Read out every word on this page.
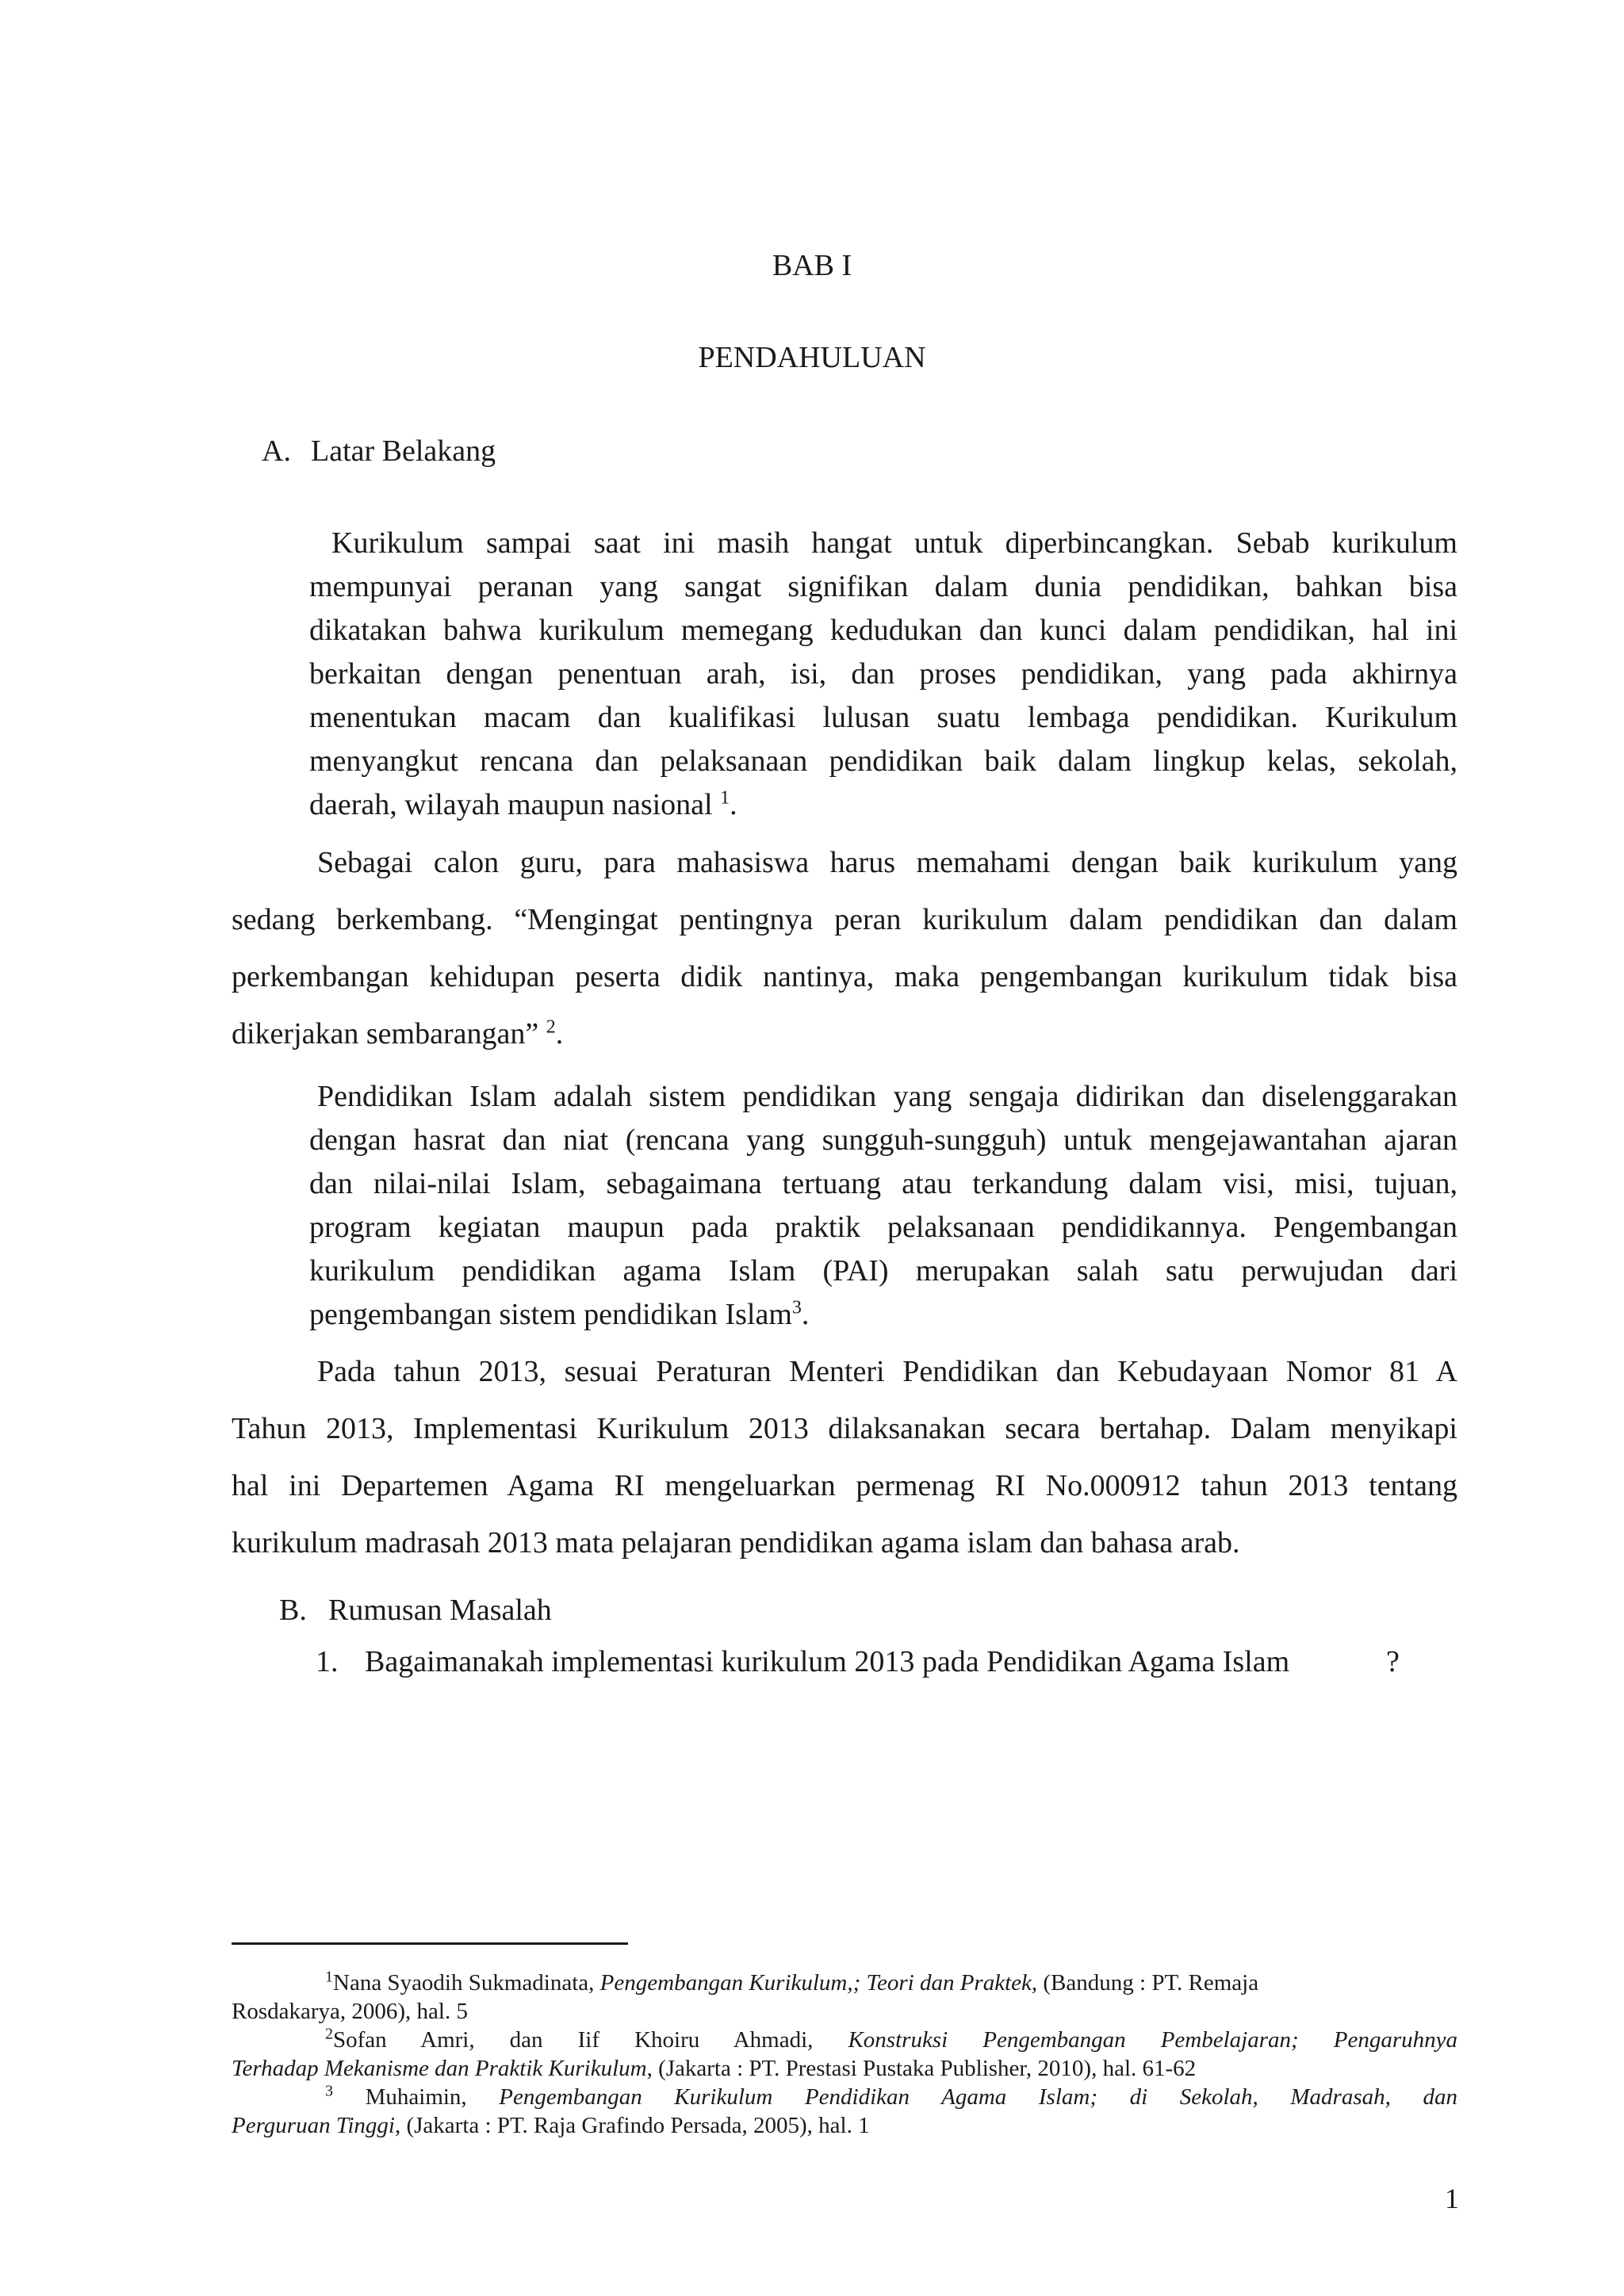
BAB I
PENDAHULUAN
A. Latar Belakang
Kurikulum sampai saat ini masih hangat untuk diperbincangkan. Sebab kurikulum
mempunyai peranan yang sangat signifikan dalam dunia pendidikan, bahkan bisa
dikatakan bahwa kurikulum memegang kedudukan dan kunci dalam pendidikan, hal ini
berkaitan dengan penentuan arah, isi, dan proses pendidikan, yang pada akhirnya
menentukan macam dan kualifikasi lulusan suatu lembaga pendidikan. Kurikulum
menyangkut rencana dan pelaksanaan pendidikan baik dalam lingkup kelas, sekolah,
daerah, wilayah maupun nasional $^1$.
Sebagai calon guru, para mahasiswa harus memahami dengan baik kurikulum yang
sedang berkembang. “Mengingat pentingnya peran kurikulum dalam pendidikan dan dalam
perkembangan kehidupan peserta didik nantinya, maka pengembangan kurikulum tidak bisa
dikerjakan sembarangan” $^2$.
Pendidikan Islam adalah sistem pendidikan yang sengaja didirikan dan diselenggarakan
dengan hasrat dan niat (rencana yang sungguh-sungguh) untuk mengejawantahan ajaran
dan nilai-nilai Islam, sebagaimana tertuang atau terkandung dalam visi, misi, tujuan,
program kegiatan maupun pada praktik pelaksanaan pendidikannya. Pengembangan
kurikulum pendidikan agama Islam (PAI) merupakan salah satu perwujudan dari
pengembangan sistem pendidikan Islam$^3$.
Pada tahun 2013, sesuai Peraturan Menteri Pendidikan dan Kebudayaan Nomor 81 A
Tahun 2013, Implementasi Kurikulum 2013 dilaksanakan secara bertahap. Dalam menyikapi
hal ini Departemen Agama RI mengeluarkan permenag RI No.000912 tahun 2013 tentang
kurikulum madrasah 2013 mata pelajaran pendidikan agama islam dan bahasa arab.
B. Rumusan Masalah
1. Bagaimanakah implementasi kurikulum 2013 pada Pendidikan Agama Islam	?
$^1$Nana Syaodih Sukmadinata, Pengembangan Kurikulum,; Teori dan Praktek, (Bandung : PT. Remaja
Rosdakarya, 2006), hal. 5
$^2$Sofan Amri, dan Iif Khoiru Ahmadi, Konstruksi Pengembangan Pembelajaran; Pengaruhnya
Terhadap Mekanisme dan Praktik Kurikulum, (Jakarta : PT. Prestasi Pustaka Publisher, 2010), hal. 61-62
$^3$ Muhaimin, Pengembangan Kurikulum Pendidikan Agama Islam; di Sekolah, Madrasah, dan
Perguruan Tinggi, (Jakarta : PT. Raja Grafindo Persada, 2005), hal. 1
1
